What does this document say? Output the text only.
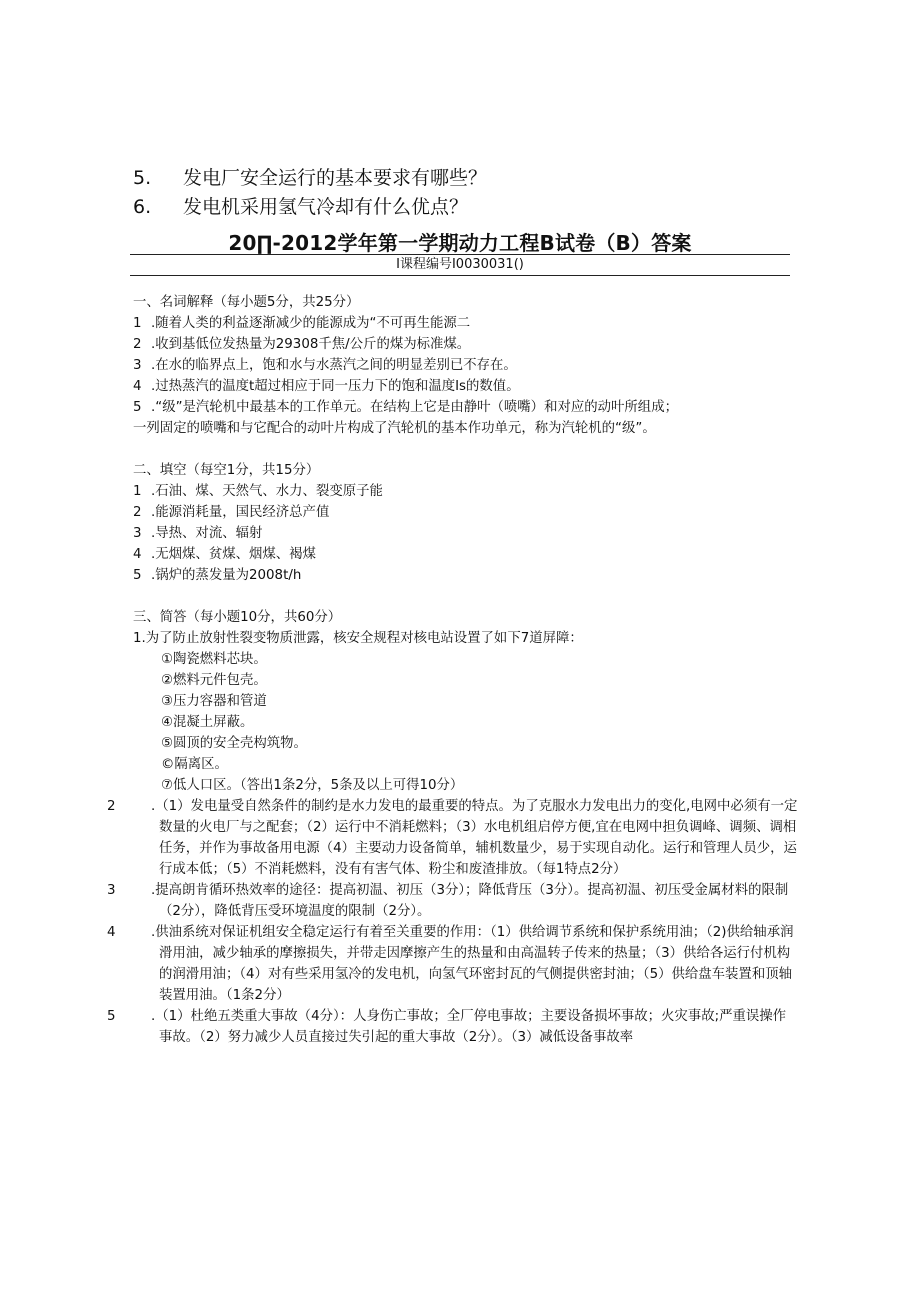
5. 发电厂安全运行的基本要求有哪些？
6. 发电机采用氢气冷却有什么优点？
20∏-2012学年第一学期动力工程B试卷（B）答案
I课程编号I0030031()

一、名词解释（每小题5分，共25分）

1 .随着人类的利益逐渐减少的能源成为“不可再生能源二

2 .收到基低位发热量为29308千焦/公斤的煤为标准煤。

3 .在水的临界点上，饱和水与水蒸汽之间的明显差别已不存在。

4 .过热蒸汽的温度t超过相应于同一压力下的饱和温度Is的数值。

5 .“级”是汽轮机中最基本的工作单元。在结构上它是由静叶（喷嘴）和对应的动叶所组成；

一列固定的喷嘴和与它配合的动叶片构成了汽轮机的基本作功单元，称为汽轮机的“级”。

二、填空（每空1分，共15分）

1 .石油、煤、天然气、水力、裂变原子能

2 .能源消耗量，国民经济总产值

3 .导热、对流、辐射

4 .无烟煤、贫煤、烟煤、褐煤

5 .锅炉的蒸发量为2008t/h

三、简答（每小题10分，共60分）

1.为了防止放射性裂变物质泄露，核安全规程对核电站设置了如下7道屏障：

①陶瓷燃料芯块。

②燃料元件包壳。

③压力容器和管道

④混凝土屏蔽。

⑤圆顶的安全壳构筑物。

©隔离区。

⑦低人口区。（答出1条2分，5条及以上可得10分）

2	.（1）发电量受自然条件的制约是水力发电的最重要的特点。为了克服水力发电出力的变化,电网中必须有一定数量的火电厂与之配套；（2）运行中不消耗燃料；（3）水电机组启停方便,宜在电网中担负调峰、调频、调相任务，并作为事故备用电源（4）主要动力设备简单，辅机数量少，易于实现自动化。运行和管理人员少，运行成本低；（5）不消耗燃料，没有有害气体、粉尘和废渣排放。（每1特点2分）

3	.提高朗肯循环热效率的途径：提高初温、初压（3分）；降低背压（3分）。提高初温、初压受金属材料的限制（2分），降低背压受环境温度的限制（2分）。

4	.供油系统对保证机组安全稳定运行有着至关重要的作用：（1）供给调节系统和保护系统用油；（2)供给轴承润滑用油，减少轴承的摩擦损失，并带走因摩擦产生的热量和由高温转子传来的热量；（3）供给各运行付机构的润滑用油；（4）对有些采用氢冷的发电机，向氢气环密封瓦的气侧提供密封油；（5）供给盘车装置和顶轴装置用油。（1条2分）

5	.（1）杜绝五类重大事故（4分）：人身伤亡事故；全厂停电事故；主要设备损坏事故；火灾事故;严重误操作事故。（2）努力减少人员直接过失引起的重大事故（2分）。（3）减低设备事故率
